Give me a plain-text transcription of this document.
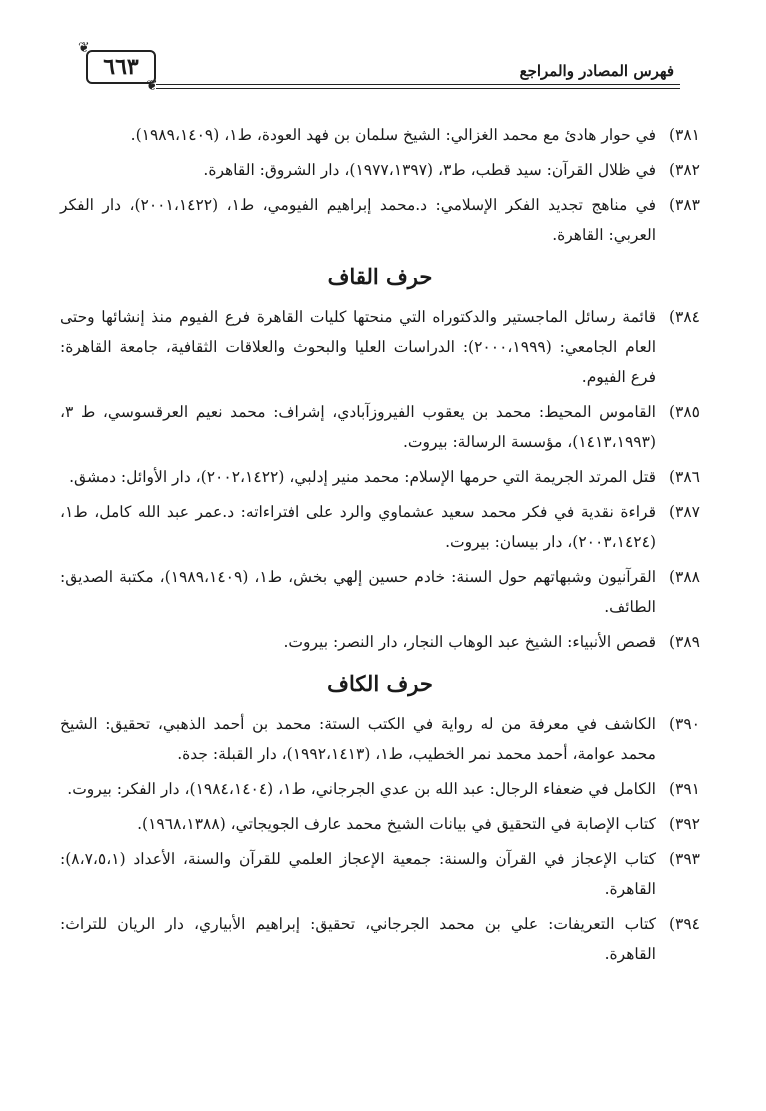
❦
٦٦٣
❦
فهرس المصادر والمراجع
٣٨١)
في حوار هادئ مع محمد الغزالي: الشيخ سلمان بن فهد العودة، ط١، (١٩٨٩،١٤٠٩).
٣٨٢)
في ظلال القرآن: سيد قطب، ط٣، (١٩٧٧،١٣٩٧)، دار الشروق: القاهرة.
٣٨٣)
في مناهج تجديد الفكر الإسلامي: د.محمد إبراهيم الفيومي، ط١، (٢٠٠١،١٤٢٢)، دار الفكر العربي: القاهرة.
حرف القاف
٣٨٤)
قائمة رسائل الماجستير والدكتوراه التي منحتها كليات القاهرة فرع الفيوم منذ إنشائها وحتى العام الجامعي: (٢٠٠٠،١٩٩٩): الدراسات العليا والبحوث والعلاقات الثقافية، جامعة القاهرة: فرع الفيوم.
٣٨٥)
القاموس المحيط: محمد بن يعقوب الفيروزآبادي، إشراف: محمد نعيم العرقسوسي، ط ٣، (١٤١٣،١٩٩٣)، مؤسسة الرسالة: بيروت.
٣٨٦)
قتل المرتد الجريمة التي حرمها الإسلام: محمد منير إدلبي، (٢٠٠٢،١٤٢٢)، دار الأوائل: دمشق.
٣٨٧)
قراءة نقدية في فكر محمد سعيد عشماوي والرد على افتراءاته: د.عمر عبد الله كامل، ط١، (٢٠٠٣،١٤٢٤)، دار بيسان: بيروت.
٣٨٨)
القرآنيون وشبهاتهم حول السنة: خادم حسين إلهي بخش، ط١، (١٩٨٩،١٤٠٩)، مكتبة الصديق: الطائف.
٣٨٩)
قصص الأنبياء: الشيخ عبد الوهاب النجار، دار النصر: بيروت.
حرف الكاف
٣٩٠)
الكاشف في معرفة من له رواية في الكتب الستة: محمد بن أحمد الذهبي، تحقيق: الشيخ محمد عوامة، أحمد محمد نمر الخطيب، ط١، (١٩٩٢،١٤١٣)، دار القبلة: جدة.
٣٩١)
الكامل في ضعفاء الرجال: عبد الله بن عدي الجرجاني، ط١، (١٩٨٤،١٤٠٤)، دار الفكر: بيروت.
٣٩٢)
كتاب الإصابة في التحقيق في بيانات الشيخ محمد عارف الجويجاتي، (١٩٦٨،١٣٨٨).
٣٩٣)
كتاب الإعجاز في القرآن والسنة: جمعية الإعجاز العلمي للقرآن والسنة، الأعداد (٨،٧،٥،١): القاهرة.
٣٩٤)
كتاب التعريفات: علي بن محمد الجرجاني، تحقيق: إبراهيم الأبياري، دار الريان للتراث: القاهرة.
